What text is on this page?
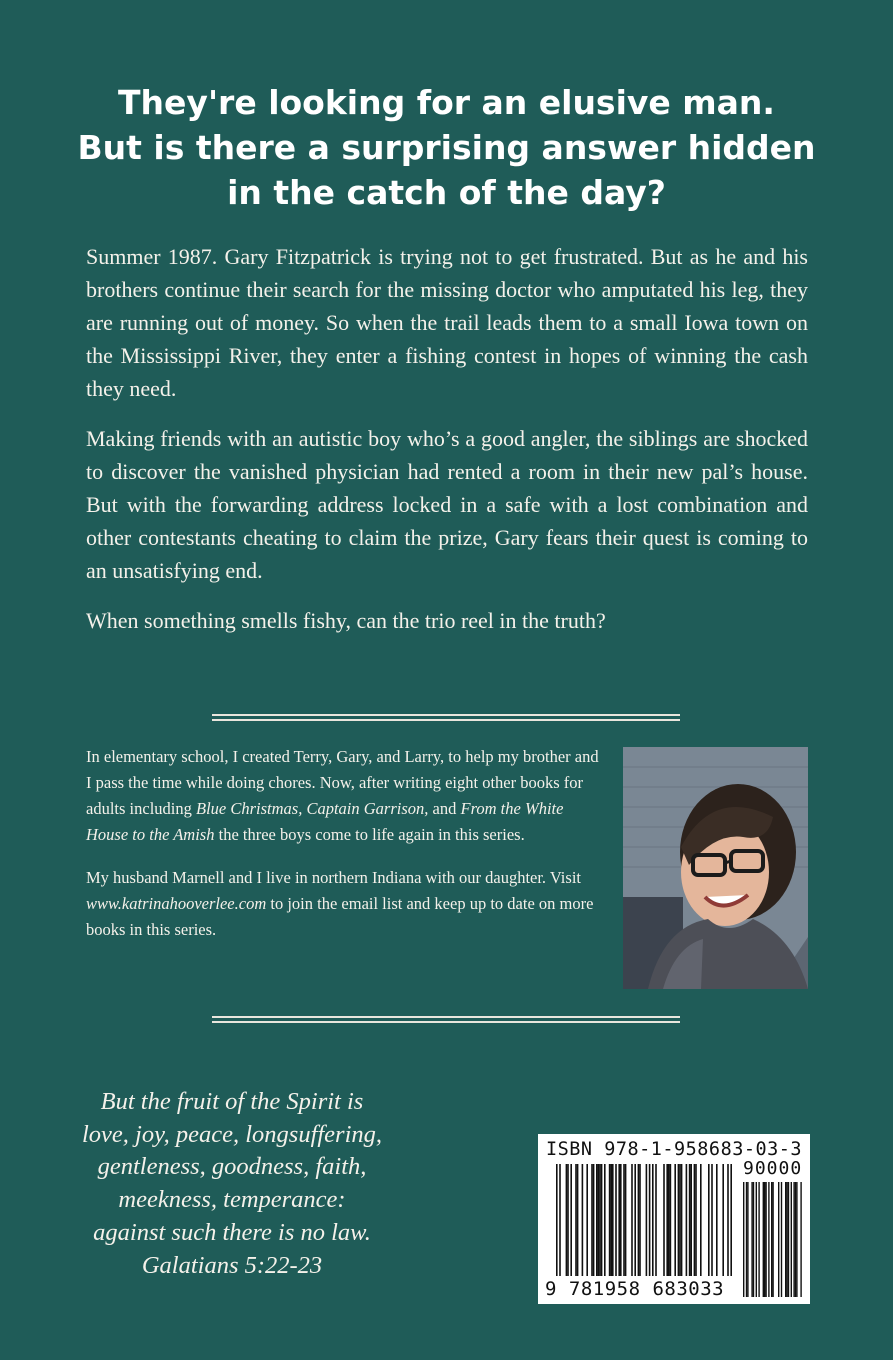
They're looking for an elusive man.
But is there a surprising answer hidden
in the catch of the day?

Summer 1987. Gary Fitzpatrick is trying not to get frustrated. But as he and his brothers continue their search for the missing doctor who amputated his leg, they are running out of money. So when the trail leads them to a small Iowa town on the Mississippi River, they enter a fishing contest in hopes of winning the cash they need.

Making friends with an autistic boy who’s a good angler, the siblings are shocked to discover the vanished physician had rented a room in their new pal’s house. But with the forwarding address locked in a safe with a lost combination and other contestants cheating to claim the prize, Gary fears their quest is coming to an unsatisfying end.

When something smells fishy, can the trio reel in the truth?

In elementary school, I created Terry, Gary, and Larry, to help my brother and I pass the time while doing chores. Now, after writing eight other books for adults including Blue Christmas, Captain Garrison, and From the White House to the Amish the three boys come to life again in this series.

My husband Marnell and I live in northern Indiana with our daughter. Visit www.katrinahooverlee.com to join the email list and keep up to date on more books in this series.

But the fruit of the Spirit is
love, joy, peace, longsuffering,
gentleness, goodness, faith,
meekness, temperance:
against such there is no law.
Galatians 5:22-23
ISBN 978-1-958683-03-3
90000
9 781958 683033
